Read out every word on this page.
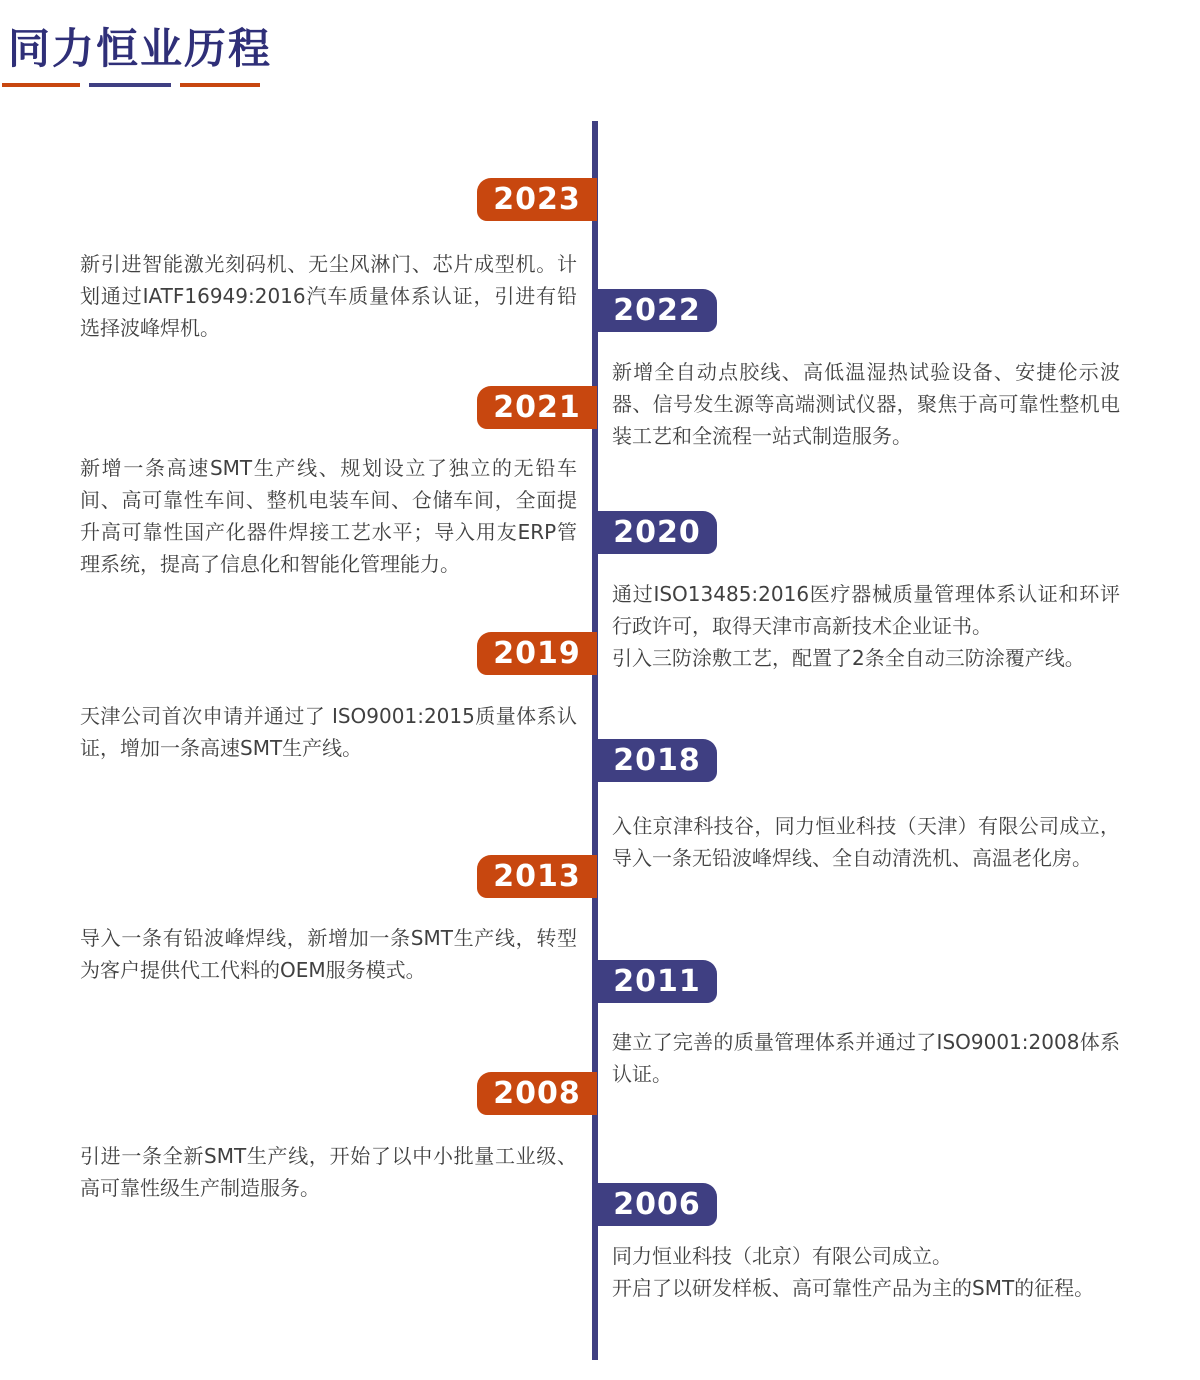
同力恒业历程
2023

新引进智能激光刻码机、无尘风淋门、芯片成型机。计划通过IATF16949:2016汽车质量体系认证，引进有铅选择波峰焊机。	2022

新增全自动点胶线、高低温湿热试验设备、安捷伦示波器、信号发生源等高端测试仪器，聚焦于高可靠性整机电装工艺和全流程一站式制造服务。

2021

新增一条高速SMT生产线、规划设立了独立的无铅车间、高可靠性车间、整机电装车间、仓储车间，全面提升高可靠性国产化器件焊接工艺水平；导入用友ERP管理系统，提高了信息化和智能化管理能力。

2020

通过ISO13485:2016医疗器械质量管理体系认证和环评行政许可，取得天津市高新技术企业证书。

引入三防涂敷工艺，配置了2条全自动三防涂覆产线。

2019

天津公司首次申请并通过了 ISO9001:2015质量体系认证，增加一条高速SMT生产线。	2018

入住京津科技谷，同力恒业科技（天津）有限公司成立，导入一条无铅波峰焊线、全自动清洗机、高温老化房。

2013

导入一条有铅波峰焊线，新增加一条SMT生产线，转型为客户提供代工代料的OEM服务模式。	2011

建立了完善的质量管理体系并通过了ISO9001:2008体系认证。

2008

引进一条全新SMT生产线，开始了以中小批量工业级、高可靠性级生产制造服务。	2006

同力恒业科技（北京）有限公司成立。

开启了以研发样板、高可靠性产品为主的SMT的征程。
